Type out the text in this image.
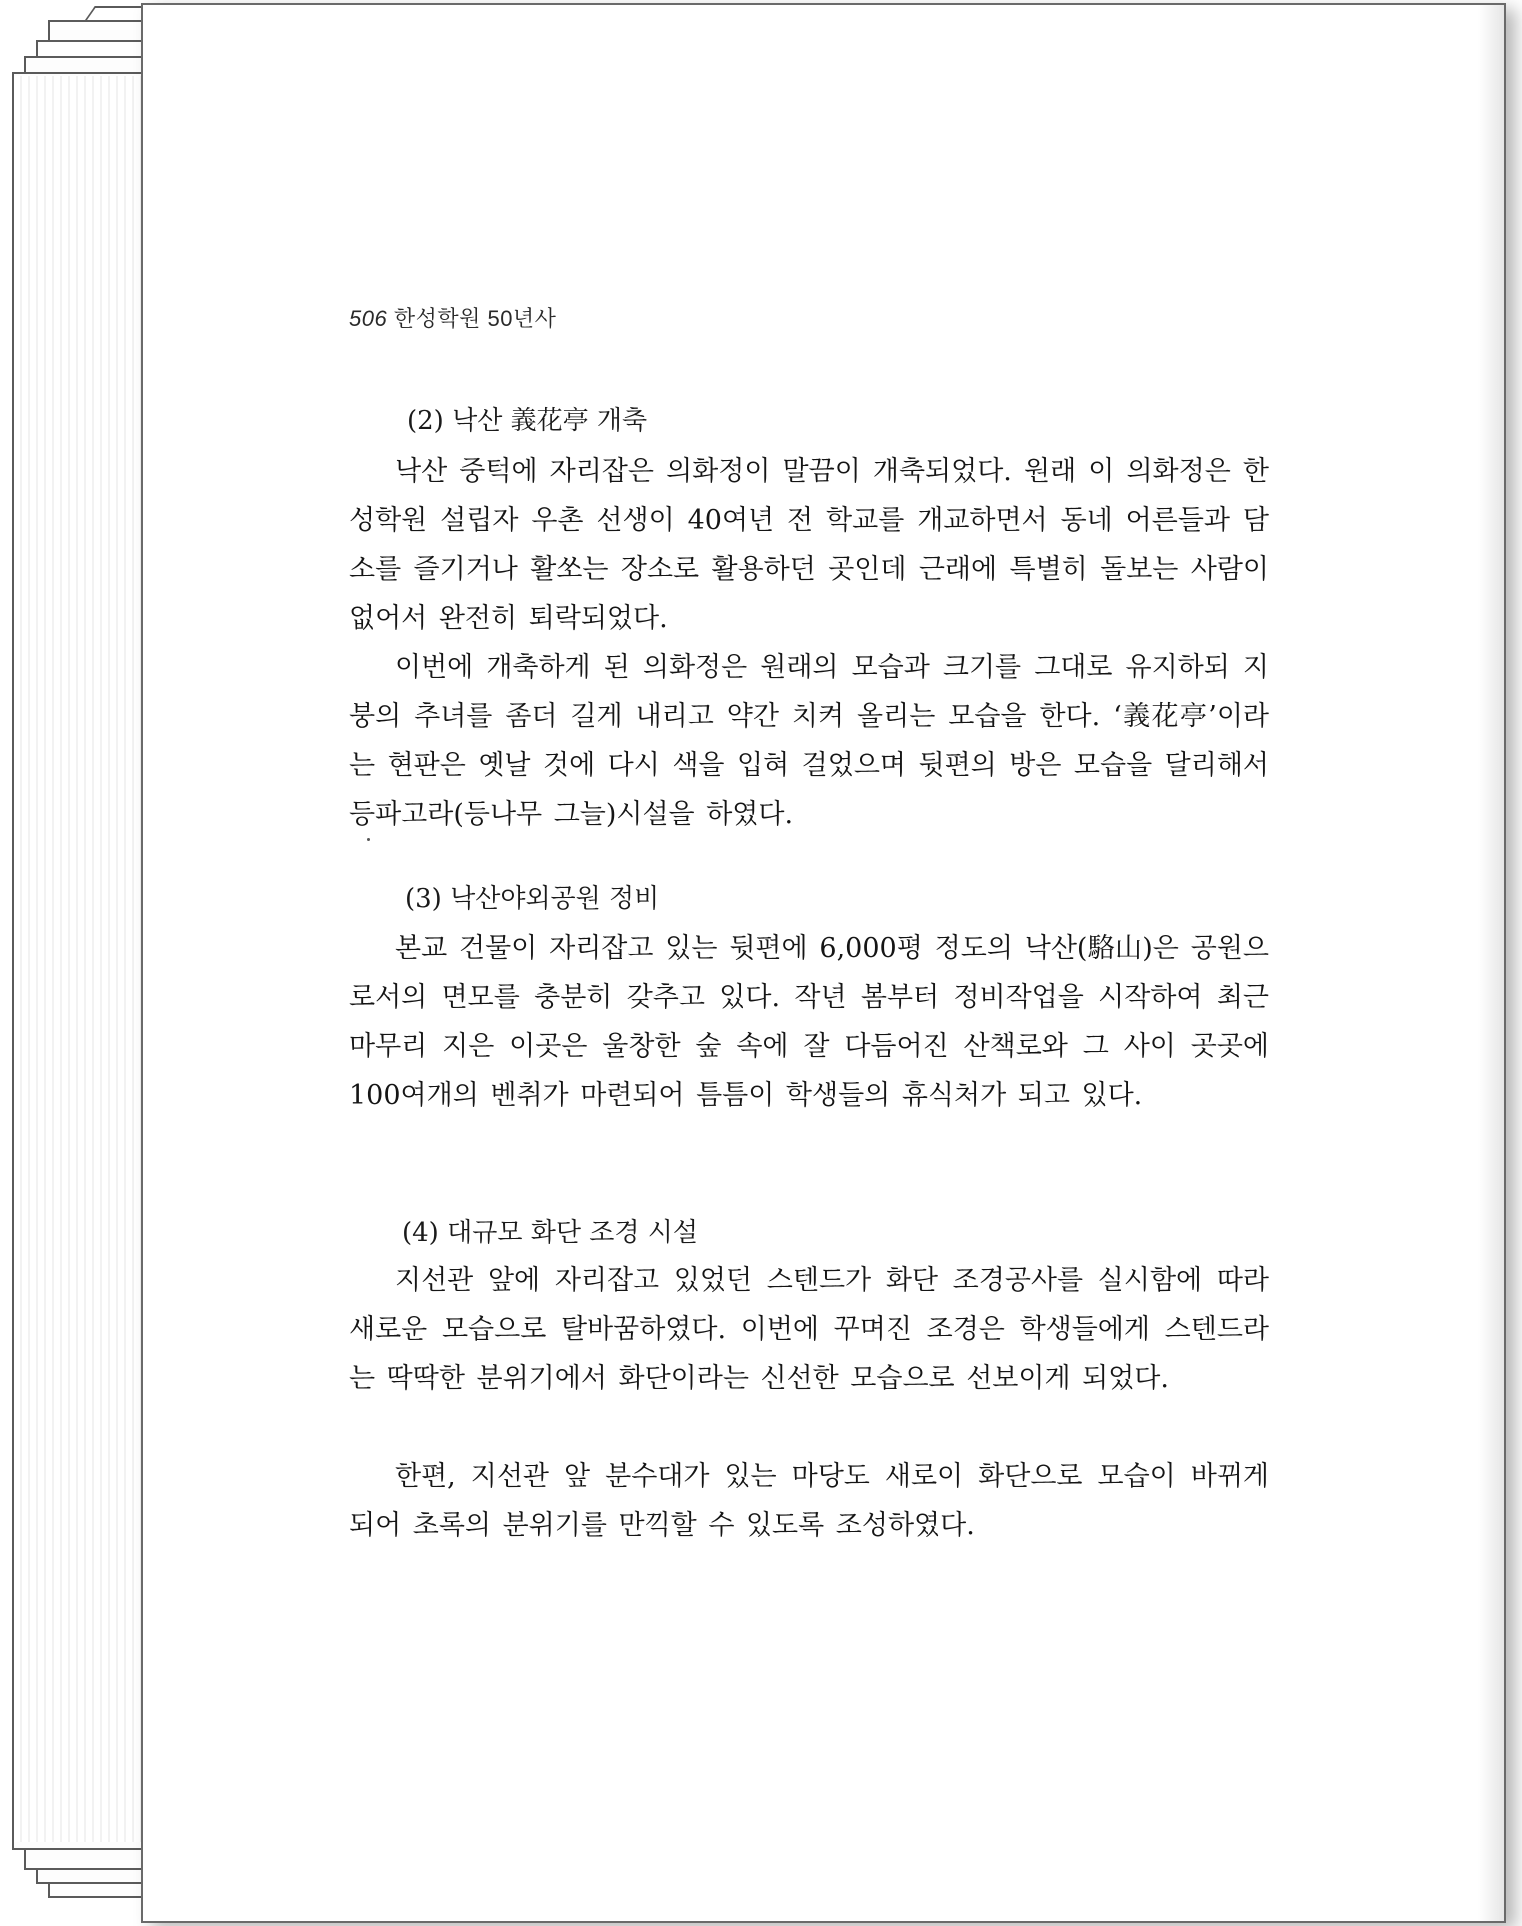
506 한성학원 50년사
(2) 낙산 義花亭 개축

낙산 중턱에 자리잡은 의화정이 말끔이 개축되었다. 원래 이 의화정은 한성학원 설립자 우촌 선생이 40여년 전 학교를 개교하면서 동네 어른들과 담소를 즐기거나 활쏘는 장소로 활용하던 곳인데 근래에 특별히 돌보는 사람이 없어서 완전히 퇴락되었다.

이번에 개축하게 된 의화정은 원래의 모습과 크기를 그대로 유지하되 지붕의 추녀를 좀더 길게 내리고 약간 치켜 올리는 모습을 한다. ‘義花亭’이라는 현판은 옛날 것에 다시 색을 입혀 걸었으며 뒷편의 방은 모습을 달리해서 등파고라(등나무 그늘)시설을 하였다.

(3) 낙산야외공원 정비

본교 건물이 자리잡고 있는 뒷편에 6,000평 정도의 낙산(駱山)은 공원으로서의 면모를 충분히 갖추고 있다. 작년 봄부터 정비작업을 시작하여 최근 마무리 지은 이곳은 울창한 숲 속에 잘 다듬어진 산책로와 그 사이 곳곳에 100여개의 벤취가 마련되어 틈틈이 학생들의 휴식처가 되고 있다.

(4) 대규모 화단 조경 시설

지선관 앞에 자리잡고 있었던 스텐드가 화단 조경공사를 실시함에 따라 새로운 모습으로 탈바꿈하였다. 이번에 꾸며진 조경은 학생들에게 스텐드라는 딱딱한 분위기에서 화단이라는 신선한 모습으로 선보이게 되었다.

한편, 지선관 앞 분수대가 있는 마당도 새로이 화단으로 모습이 바뀌게 되어 초록의 분위기를 만끽할 수 있도록 조성하였다.
